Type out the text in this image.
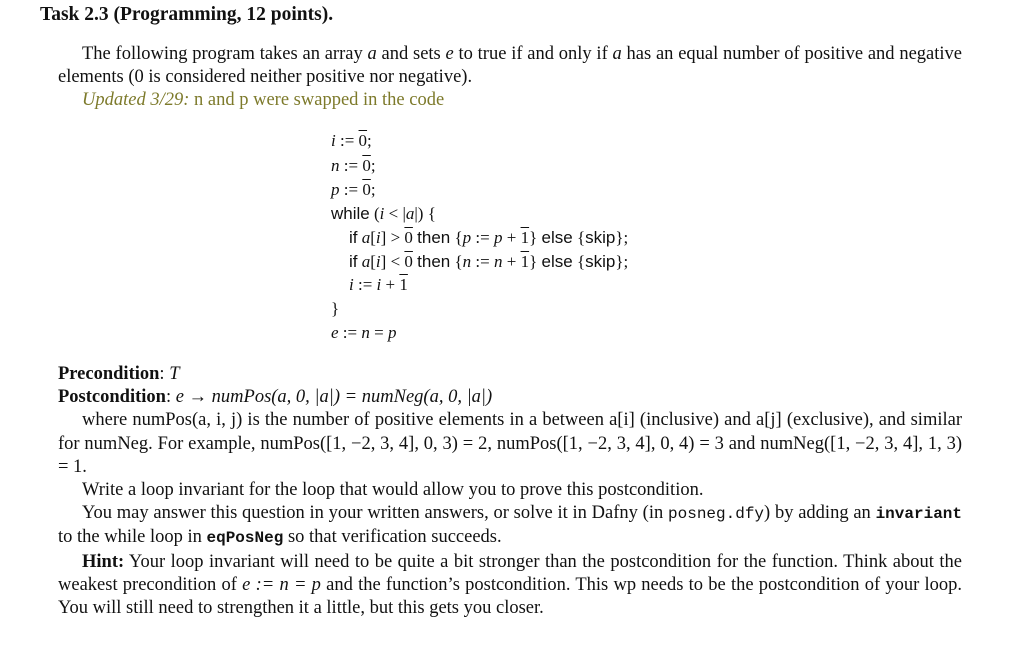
Task 2.3 (Programming, 12 points).

The following program takes an array a and sets e to true if and only if a has an equal number of positive and negative elements (0 is considered neither positive nor negative).

Updated 3/29: n and p were swapped in the code

i := 0;
n := 0;
p := 0;
while (i < |a|) {
if a[i] > 0 then {p := p + 1} else {skip};
if a[i] < 0 then {n := n + 1} else {skip};
i := i + 1
}
e := n = p

Precondition: T

Postcondition: e → numPos(a, 0, |a|) = numNeg(a, 0, |a|)

where numPos(a, i, j) is the number of positive elements in a between a[i] (inclusive) and a[j] (exclusive), and similar for numNeg. For example, numPos([1, −2, 3, 4], 0, 3) = 2, numPos([1, −2, 3, 4], 0, 4) = 3 and numNeg([1, −2, 3, 4], 1, 3) = 1.

Write a loop invariant for the loop that would allow you to prove this postcondition.

You may answer this question in your written answers, or solve it in Dafny (in posneg.dfy) by adding an invariant to the while loop in eqPosNeg so that verification succeeds.

Hint: Your loop invariant will need to be quite a bit stronger than the postcondition for the function. Think about the weakest precondition of e := n = p and the function’s postcondition. This wp needs to be the postcondition of your loop. You will still need to strengthen it a little, but this gets you closer.
